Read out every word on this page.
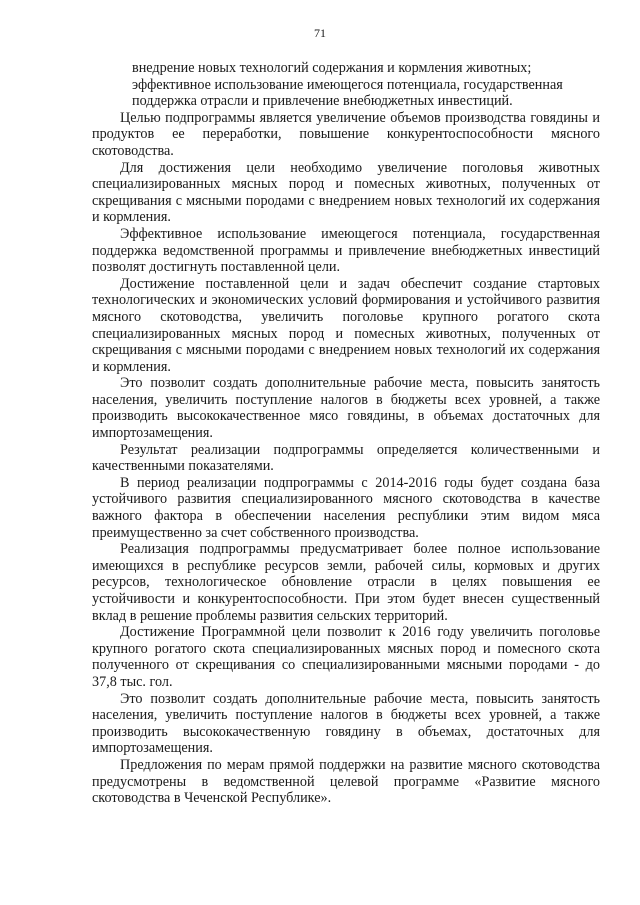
71
внедрение новых технологий содержания и кормления животных;
эффективное использование имеющегося потенциала, государственная
поддержка отрасли и привлечение внебюджетных инвестиций.

Целью подпрограммы является увеличение объемов производства говядины и продуктов ее переработки, повышение конкурентоспособности мясного скотоводства.

Для достижения цели необходимо увеличение поголовья животных специализированных мясных пород и помесных животных, полученных от скрещивания с мясными породами с внедрением новых технологий их содержания и кормления.

Эффективное использование имеющегося потенциала, государственная поддержка ведомственной программы и привлечение внебюджетных инвестиций позволят достигнуть поставленной цели.

Достижение поставленной цели и задач обеспечит создание стартовых технологических и экономических условий формирования и устойчивого развития мясного скотоводства, увеличить поголовье крупного рогатого скота специализированных мясных пород и помесных животных, полученных от скрещивания с мясными породами с внедрением новых технологий их содержания и кормления.

Это позволит создать дополнительные рабочие места, повысить занятость населения, увеличить поступление налогов в бюджеты всех уровней, а также производить высококачественное мясо говядины, в объемах достаточных для импортозамещения.

Результат реализации подпрограммы определяется количественными и качественными показателями.

В период реализации подпрограммы с 2014-2016 годы будет создана база устойчивого развития специализированного мясного скотоводства в качестве важного фактора в обеспечении населения республики этим видом мяса преимущественно за счет собственного производства.

Реализация подпрограммы предусматривает более полное использование имеющихся в республике ресурсов земли, рабочей силы, кормовых и других ресурсов, технологическое обновление отрасли в целях повышения ее устойчивости и конкурентоспособности. При этом будет внесен существенный вклад в решение проблемы развития сельских территорий.

Достижение Программной цели позволит к 2016 году увеличить поголовье крупного рогатого скота специализированных мясных пород и помесного скота полученного от скрещивания со специализированными мясными породами - до 37,8 тыс. гол.

Это позволит создать дополнительные рабочие места, повысить занятость населения, увеличить поступление налогов в бюджеты всех уровней, а также производить высококачественную говядину в объемах, достаточных для импортозамещения.

Предложения по мерам прямой поддержки на развитие мясного скотоводства предусмотрены в ведомственной целевой программе «Развитие мясного скотоводства в Чеченской Республике».
